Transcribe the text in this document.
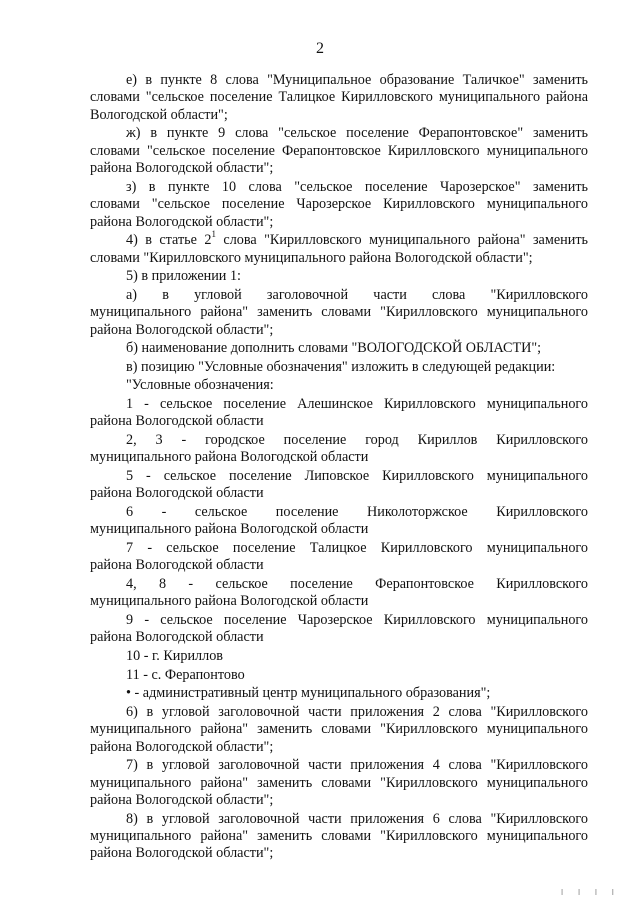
2

е) в пункте 8 слова "Муниципальное образование Таличкое" заменить
словами "сельское поселение Талицкое Кирилловского муниципального района Вологодской области";

ж) в пункте 9 слова "сельское поселение Ферапонтовское" заменить
словами "сельское поселение Ферапонтовское Кирилловского муниципального района Вологодской области";

з) в пункте 10 слова "сельское поселение Чарозерское" заменить
словами "сельское поселение Чарозерское Кирилловского муниципального района Вологодской области";

4) в статье $2^1$ слова "Кирилловского муниципального района" заменить
словами "Кирилловского муниципального района Вологодской области";

5) в приложении 1:

а) в угловой заголовочной части слова "Кирилловского
муниципального района" заменить словами "Кирилловского муниципального района Вологодской области";

б) наименование дополнить словами "ВОЛОГОДСКОЙ ОБЛАСТИ";

в) позицию "Условные обозначения" изложить в следующей редакции:

"Условные обозначения:

1 - сельское поселение Алешинское Кирилловского муниципального
района Вологодской области

2, 3 - городское поселение город Кириллов Кирилловского
муниципального района Вологодской области

5 - сельское поселение Липовское Кирилловского муниципального
района Вологодской области

6 - сельское поселение Николоторжское Кирилловского
муниципального района Вологодской области

7 - сельское поселение Талицкое Кирилловского муниципального
района Вологодской области

4, 8 - сельское поселение Ферапонтовское Кирилловского
муниципального района Вологодской области

9 - сельское поселение Чарозерское Кирилловского муниципального
района Вологодской области

10 - г. Кириллов

11 - с. Ферапонтово

• - административный центр муниципального образования";

6) в угловой заголовочной части приложения 2 слова "Кирилловского
муниципального района" заменить словами "Кирилловского муниципального района Вологодской области";

7) в угловой заголовочной части приложения 4 слова "Кирилловского
муниципального района" заменить словами "Кирилловского муниципального района Вологодской области";

8) в угловой заголовочной части приложения 6 слова "Кирилловского
муниципального района" заменить словами "Кирилловского муниципального района Вологодской области";

I I I I
